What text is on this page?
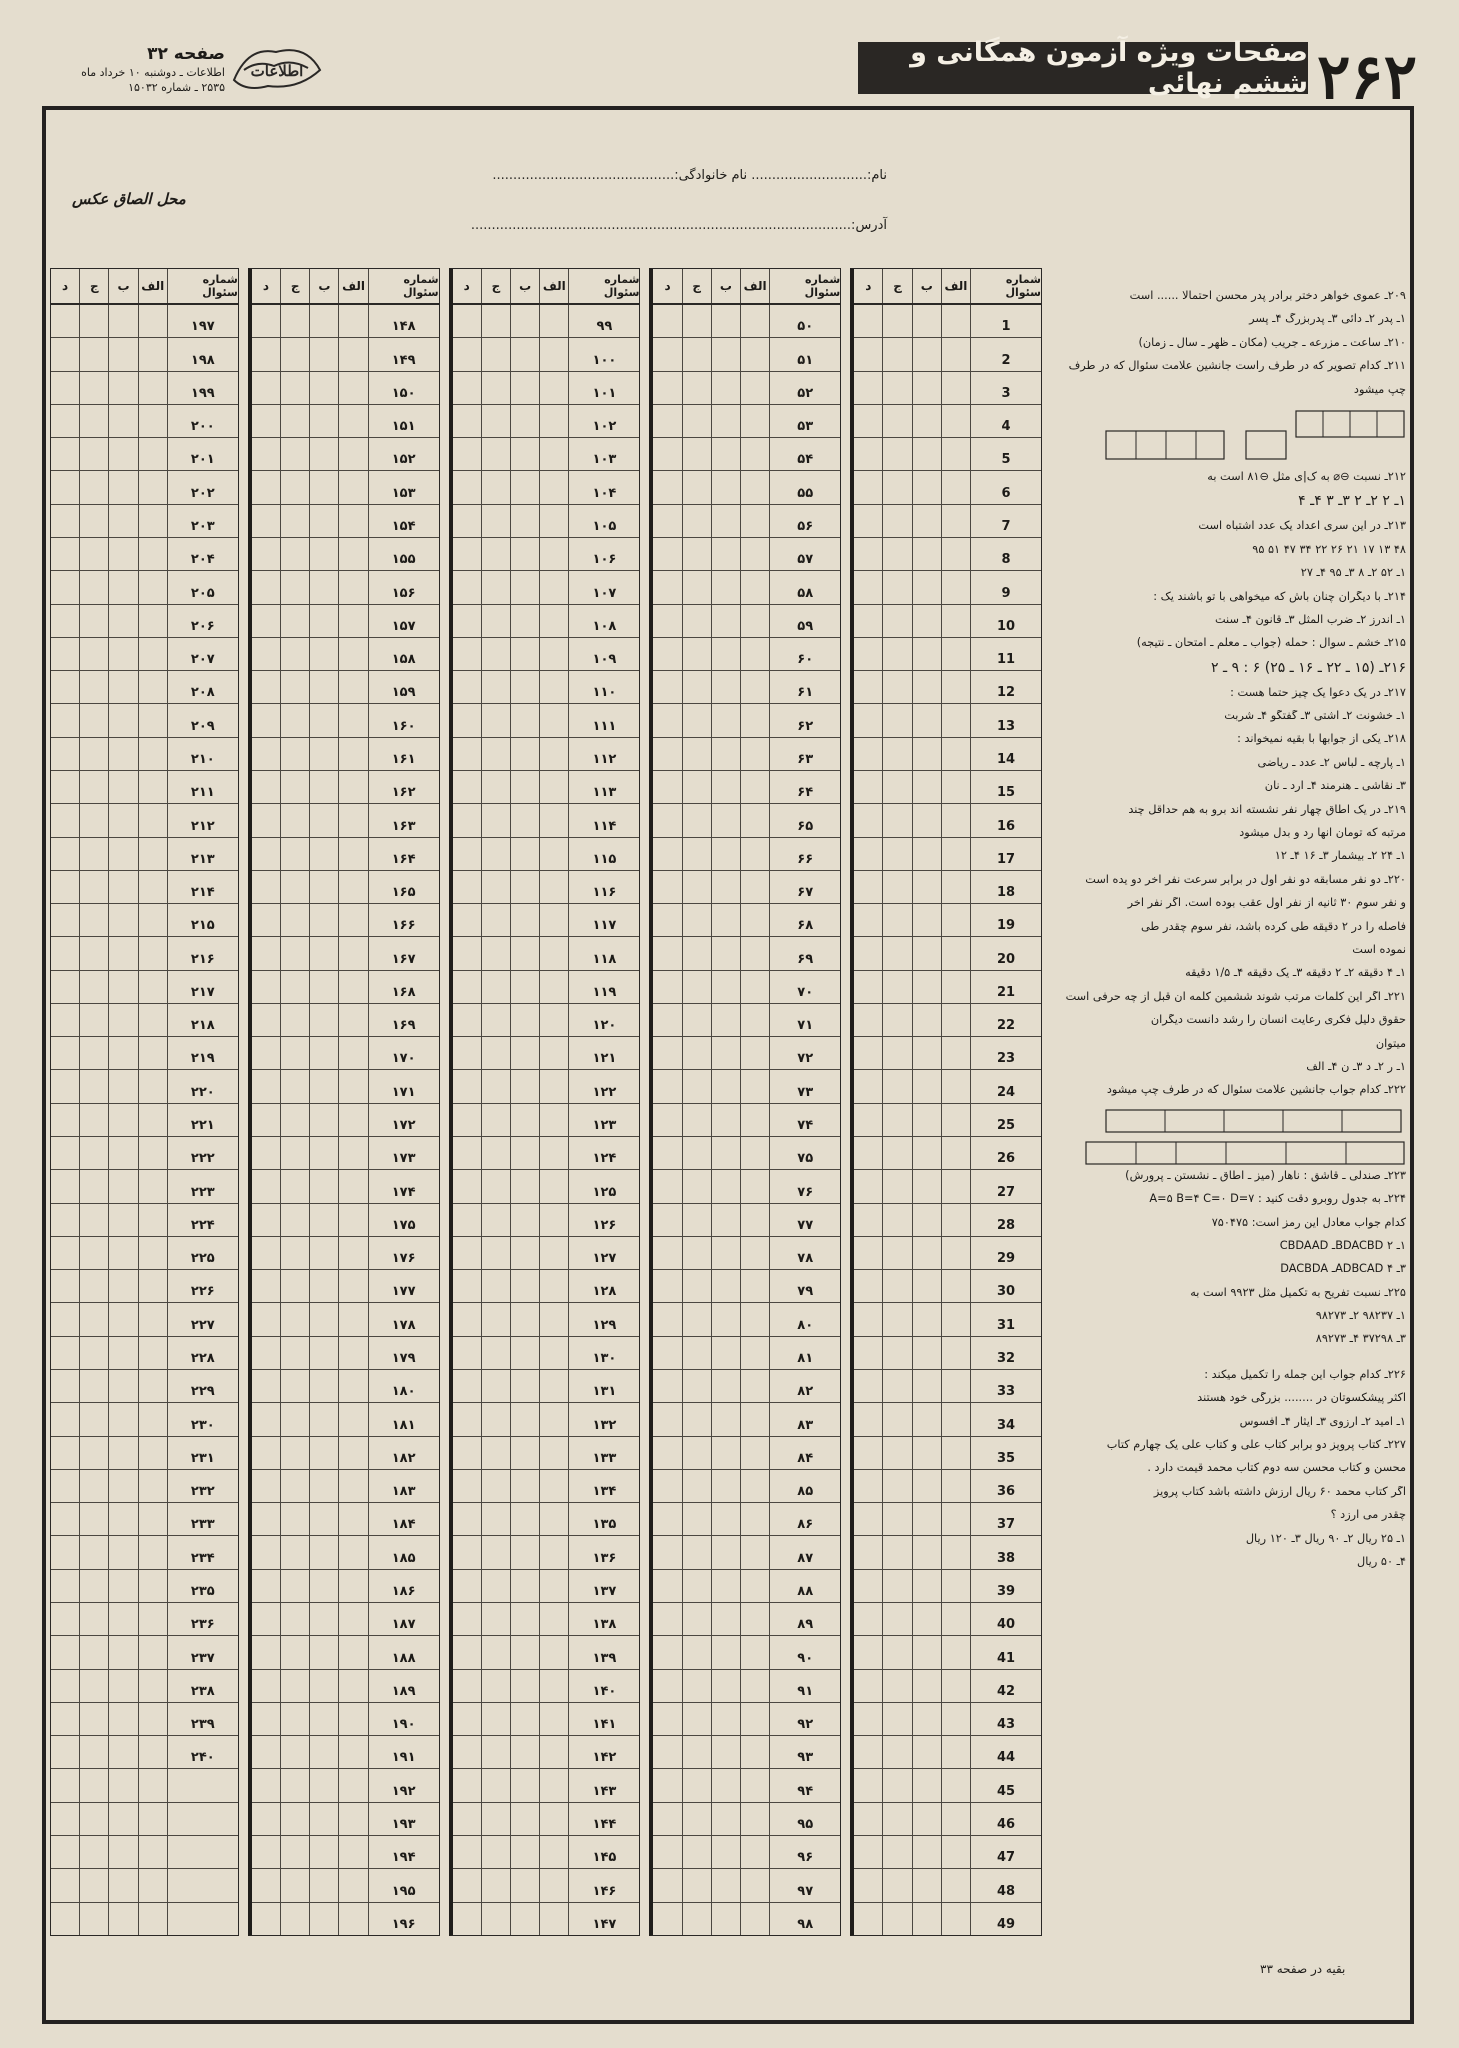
۲۶۲
صفحات ویژه آزمون همگانی و ششم نهائی
اطلاعات
صفحه ۳۲
اطلاعات ـ دوشنبه ۱۰ خرداد ماه
۲۵۳۵ ـ شماره ۱۵۰۳۲
نام:............................ نام خانوادگی:............................................
آدرس:............................................................................................
محل الصاق عکس
شماره سئوال
الف
ب
ج
د
1
2
3
4
5
6
7
8
9
10
11
12
13
14
15
16
17
18
19
20
21
22
23
24
25
26
27
28
29
30
31
32
33
34
35
36
37
38
39
40
41
42
43
44
45
46
47
48
49
شماره سئوال
الف
ب
ج
د
۵۰
۵۱
۵۲
۵۳
۵۴
۵۵
۵۶
۵۷
۵۸
۵۹
۶۰
۶۱
۶۲
۶۳
۶۴
۶۵
۶۶
۶۷
۶۸
۶۹
۷۰
۷۱
۷۲
۷۳
۷۴
۷۵
۷۶
۷۷
۷۸
۷۹
۸۰
۸۱
۸۲
۸۳
۸۴
۸۵
۸۶
۸۷
۸۸
۸۹
۹۰
۹۱
۹۲
۹۳
۹۴
۹۵
۹۶
۹۷
۹۸
شماره سئوال
الف
ب
ج
د
۹۹
۱۰۰
۱۰۱
۱۰۲
۱۰۳
۱۰۴
۱۰۵
۱۰۶
۱۰۷
۱۰۸
۱۰۹
۱۱۰
۱۱۱
۱۱۲
۱۱۳
۱۱۴
۱۱۵
۱۱۶
۱۱۷
۱۱۸
۱۱۹
۱۲۰
۱۲۱
۱۲۲
۱۲۳
۱۲۴
۱۲۵
۱۲۶
۱۲۷
۱۲۸
۱۲۹
۱۳۰
۱۳۱
۱۳۲
۱۳۳
۱۳۴
۱۳۵
۱۳۶
۱۳۷
۱۳۸
۱۳۹
۱۴۰
۱۴۱
۱۴۲
۱۴۳
۱۴۴
۱۴۵
۱۴۶
۱۴۷
شماره سئوال
الف
ب
ج
د
۱۴۸
۱۴۹
۱۵۰
۱۵۱
۱۵۲
۱۵۳
۱۵۴
۱۵۵
۱۵۶
۱۵۷
۱۵۸
۱۵۹
۱۶۰
۱۶۱
۱۶۲
۱۶۳
۱۶۴
۱۶۵
۱۶۶
۱۶۷
۱۶۸
۱۶۹
۱۷۰
۱۷۱
۱۷۲
۱۷۳
۱۷۴
۱۷۵
۱۷۶
۱۷۷
۱۷۸
۱۷۹
۱۸۰
۱۸۱
۱۸۲
۱۸۳
۱۸۴
۱۸۵
۱۸۶
۱۸۷
۱۸۸
۱۸۹
۱۹۰
۱۹۱
۱۹۲
۱۹۳
۱۹۴
۱۹۵
۱۹۶
شماره سئوال
الف
ب
ج
د
۱۹۷
۱۹۸
۱۹۹
۲۰۰
۲۰۱
۲۰۲
۲۰۳
۲۰۴
۲۰۵
۲۰۶
۲۰۷
۲۰۸
۲۰۹
۲۱۰
۲۱۱
۲۱۲
۲۱۳
۲۱۴
۲۱۵
۲۱۶
۲۱۷
۲۱۸
۲۱۹
۲۲۰
۲۲۱
۲۲۲
۲۲۳
۲۲۴
۲۲۵
۲۲۶
۲۲۷
۲۲۸
۲۲۹
۲۳۰
۲۳۱
۲۳۲
۲۳۳
۲۳۴
۲۳۵
۲۳۶
۲۳۷
۲۳۸
۲۳۹
۲۴۰
۲۰۹ـ عموی خواهر دختر برادر پدر محسن احتمالا ...... است
۱ـ پدر ۲ـ دائی ۳ـ پدربزرگ ۴ـ پسر
۲۱۰ـ ساعت ـ مزرعه ـ جریب (مکان ـ ظهر ـ سال ـ زمان)
۲۱۱ـ کدام تصویر که در طرف راست جانشین علامت سئوال که در طرف
چپ میشود
۲۱۲ـ نسبت ⊖⌀ به ک|ی مثل ⊖۸۱ است به
۱ـ ۲ ۲ـ ۲ ۳ـ ۳ ۴ـ ۴
۲۱۳ـ در این سری اعداد یک عدد اشتباه است
۴۸ ۱۳ ۱۷ ۲۱ ۲۶ ۲۲ ۳۴ ۴۷ ۵۱ ۹۵
۱ـ ۵۲ ۲ـ ۸ ۳ـ ۹۵ ۴ـ ۲۷
۲۱۴ـ با دیگران چنان باش که میخواهی با تو باشند یک :
۱ـ اندرز ۲ـ ضرب المثل ۳ـ قانون ۴ـ سنت
۲۱۵ـ خشم ـ سوال : حمله (جواب ـ معلم ـ امتحان ـ نتیجه)
۲۱۶ـ (۱۵ ـ ۲۲ ـ ۱۶ ـ ۲۵) ۶ : ۹ ـ ۲
۲۱۷ـ در یک دعوا یک چیز حتما هست :
۱ـ خشونت ۲ـ آشتی ۳ـ گفتگو ۴ـ شربت
۲۱۸ـ یکی از جوابها با بقیه نمیخواند :
۱ـ پارچه ـ لباس ۲ـ عدد ـ ریاضی
۳ـ نقاشی ـ هنرمند ۴ـ آرد ـ نان
۲۱۹ـ در یک اطاق چهار نفر نشسته اند برو به هم حداقل چند
مرتبه که تومان آنها رد و بدل میشود
۱ـ ۲۴ ۲ـ بیشمار ۳ـ ۱۶ ۴ـ ۱۲
۲۲۰ـ دو نفر مسابقه دو نفر اول در برابر سرعت نفر آخر دو یده است
و نفر سوم ۳۰ ثانیه از نفر اول عقب بوده است. اگر نفر آخر
فاصله را در ۲ دقیقه طی کرده باشد، نفر سوم چقدر طی
نموده است
۱ـ ۴ دقیقه ۲ـ ۲ دقیقه ۳ـ یک دقیقه ۴ـ ۱/۵ دقیقه
۲۲۱ـ اگر این کلمات مرتب شوند ششمین کلمه آن قبل از چه حرفی است
حقوق دلیل فکری رعایت انسان را رشد دانست دیگران
میتوان
۱ـ ر ۲ـ د ۳ـ ن ۴ـ الف
۲۲۲ـ کدام جواب جانشین علامت سئوال که در طرف چپ میشود
۲۲۳ـ صندلی ـ قاشق : ناهار (میز ـ اطاق ـ نشستن ـ پرورش)
۲۲۴ـ به جدول روبرو دقت کنید : A=۵ B=۴ C=۰ D=۷
کدام جواب معادل این رمز است: ۷۵۰۴۷۵
۱ـ BDACBD ۲ـ CBDAAD
۳ـ ADBCAD ۴ـ DACBDA
۲۲۵ـ نسبت تفریح به تکمیل مثل ۹۹۲۳ است به
۱ـ ۹۸۲۳۷ ۲ـ ۹۸۲۷۳
۳ـ ۳۷۲۹۸ ۴ـ ۸۹۲۷۳
۲۲۶ـ کدام جواب این جمله را تکمیل میکند :
اکثر پیشکسوتان در ........ بزرگی خود هستند
۱ـ امید ۲ـ آرزوی ۳ـ ایثار ۴ـ افسوس
۲۲۷ـ کتاب پرویز دو برابر کتاب علی و کتاب علی یک چهارم کتاب
محسن و کتاب محسن سه دوم کتاب محمد قیمت دارد .
اگر کتاب محمد ۶۰ ریال ارزش داشته باشد کتاب پرویز
چقدر می ارزد ؟
۱ـ ۲۵ ریال ۲ـ ۹۰ ریال ۳ـ ۱۲۰ ریال
۴ـ ۵۰ ریال
بقیه در صفحه ۳۳
